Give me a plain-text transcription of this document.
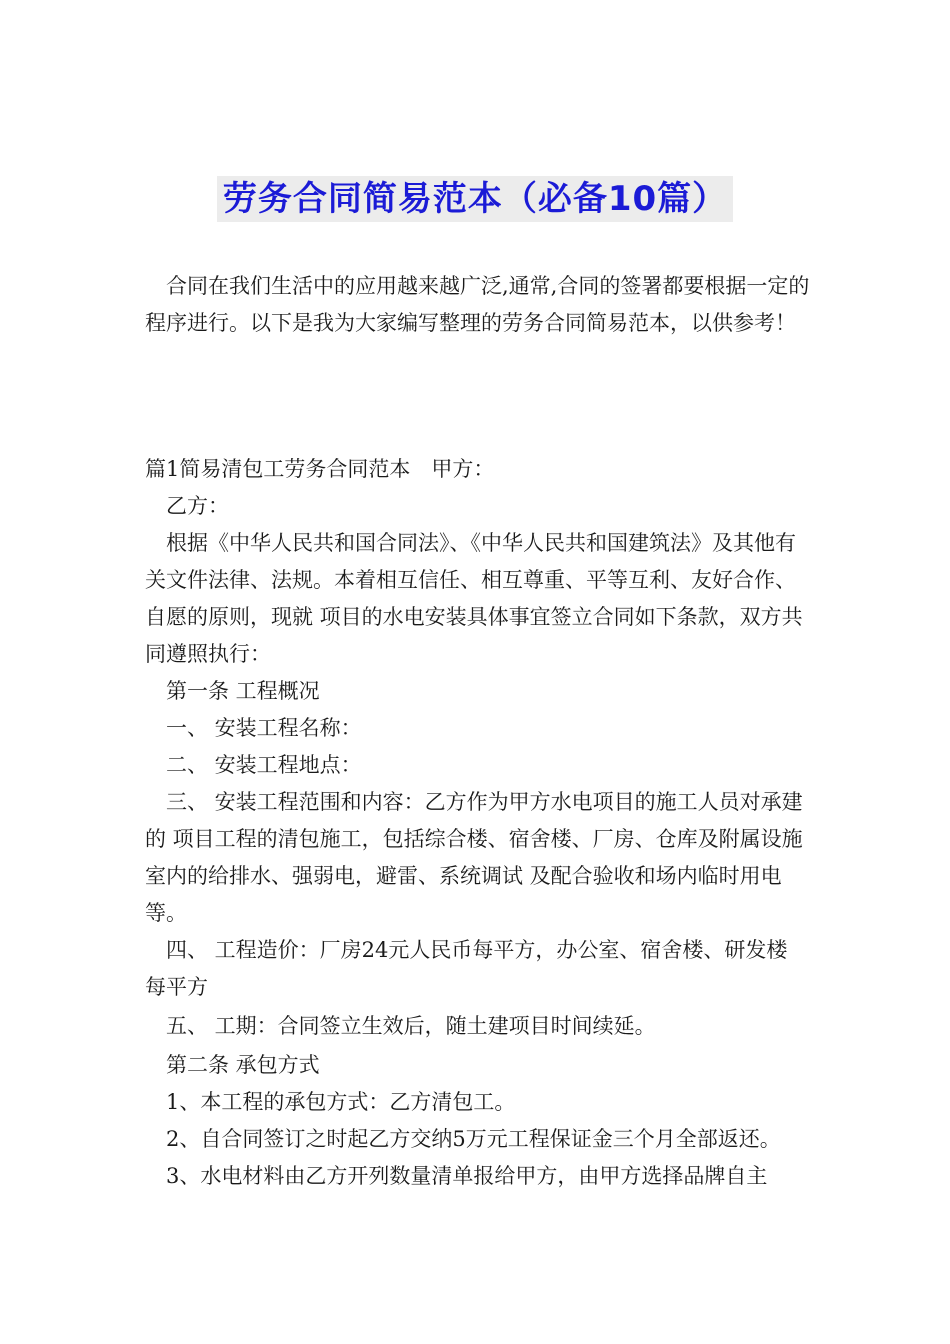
劳务合同简易范本（必备10篇）

合同在我们生活中的应用越来越广泛,通常,合同的签署都要根据一定的程序进行。以下是我为大家编写整理的劳务合同简易范本，以供参考！

篇1简易清包工劳务合同范本　甲方：

乙方：

根据《中华人民共和国合同法》、《中华人民共和国建筑法》及其他有关文件法律、法规。本着相互信任、相互尊重、平等互利、友好合作、自愿的原则，现就 项目的水电安装具体事宜签立合同如下条款，双方共同遵照执行：

第一条 工程概况

一、 安装工程名称：

二、 安装工程地点：

三、 安装工程范围和内容：乙方作为甲方水电项目的施工人员对承建的 项目工程的清包施工，包括综合楼、宿舍楼、厂房、仓库及附属设施室内的给排水、强弱电，避雷、系统调试 及配合验收和场内临时用电等。

四、 工程造价：厂房24元人民币每平方，办公室、宿舍楼、研发楼 每平方

五、 工期：合同签立生效后，随土建项目时间续延。

第二条 承包方式

1、本工程的承包方式：乙方清包工。

2、自合同签订之时起乙方交纳5万元工程保证金三个月全部返还。

3、水电材料由乙方开列数量清单报给甲方，由甲方选择品牌自主
